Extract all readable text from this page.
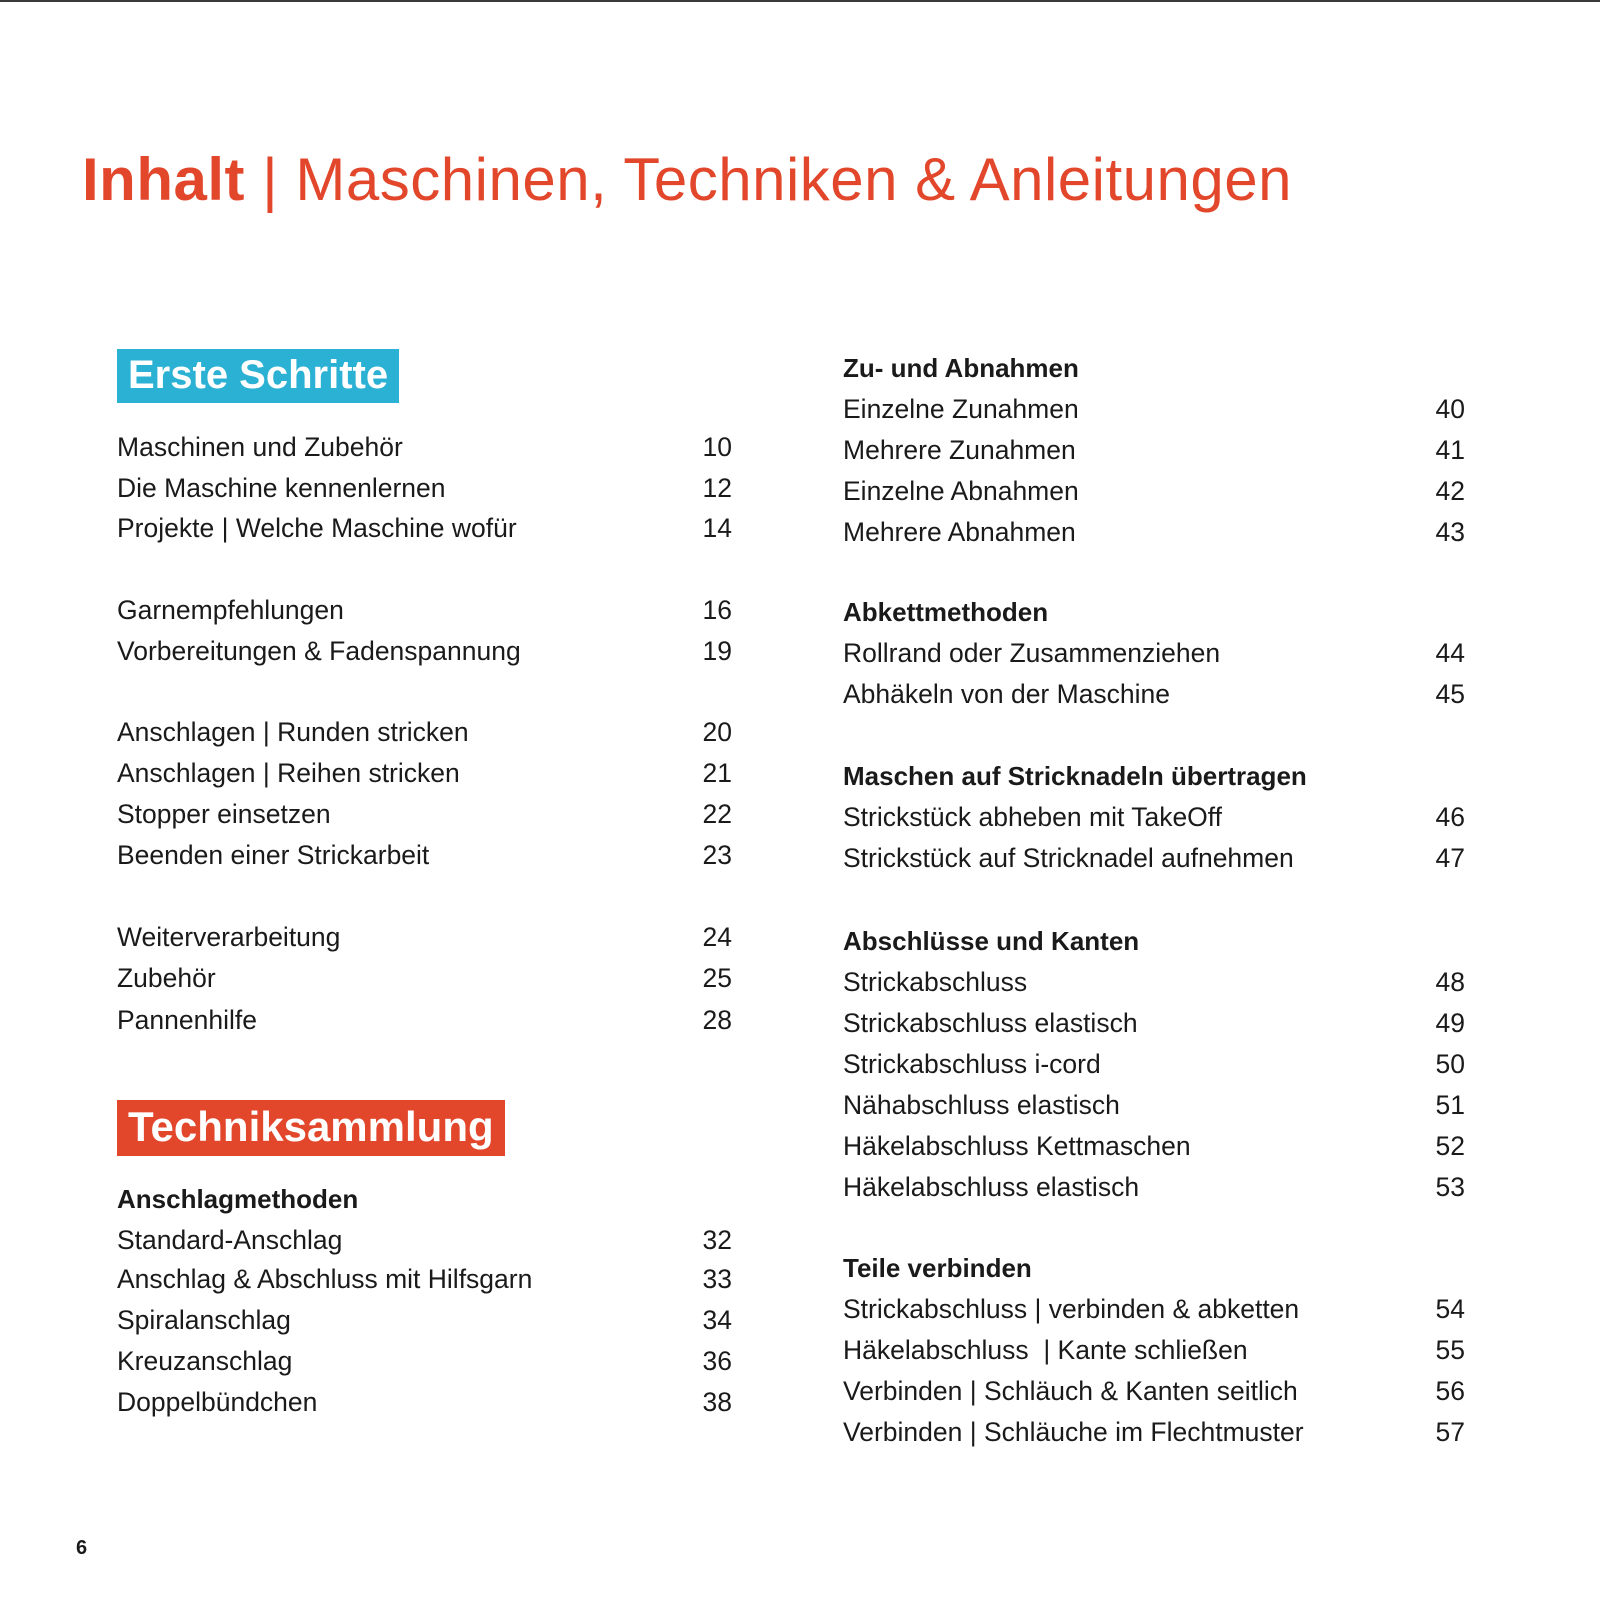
Inhalt | Maschinen, Techniken & Anleitungen
Erste Schritte
Maschinen und Zubehör	10
Die Maschine kennenlernen	12
Projekte | Welche Maschine wofür	14
Garnempfehlungen	16
Vorbereitungen & Fadenspannung	19
Anschlagen | Runden stricken	20
Anschlagen | Reihen stricken	21
Stopper einsetzen	22
Beenden einer Strickarbeit	23
Weiterverarbeitung	24
Zubehör	25
Pannenhilfe	28
Techniksammlung
Anschlagmethoden
Standard-Anschlag	32
Anschlag & Abschluss mit Hilfsgarn	33
Spiralanschlag	34
Kreuzanschlag	36
Doppelbündchen	38
Zu- und Abnahmen
Einzelne Zunahmen	40
Mehrere Zunahmen	41
Einzelne Abnahmen	42
Mehrere Abnahmen	43
Abkettmethoden
Rollrand oder Zusammenziehen	44
Abhäkeln von der Maschine	45
Maschen auf Stricknadeln übertragen
Strickstück abheben mit TakeOff	46
Strickstück auf Stricknadel aufnehmen	47
Abschlüsse und Kanten
Strickabschluss	48
Strickabschluss elastisch	49
Strickabschluss i-cord	50
Nähabschluss elastisch	51
Häkelabschluss Kettmaschen	52
Häkelabschluss elastisch	53
Teile verbinden
Strickabschluss | verbinden & abketten	54
Häkelabschluss  | Kante schließen	55
Verbinden | Schläuch & Kanten seitlich	56
Verbinden | Schläuche im Flechtmuster	57
6
